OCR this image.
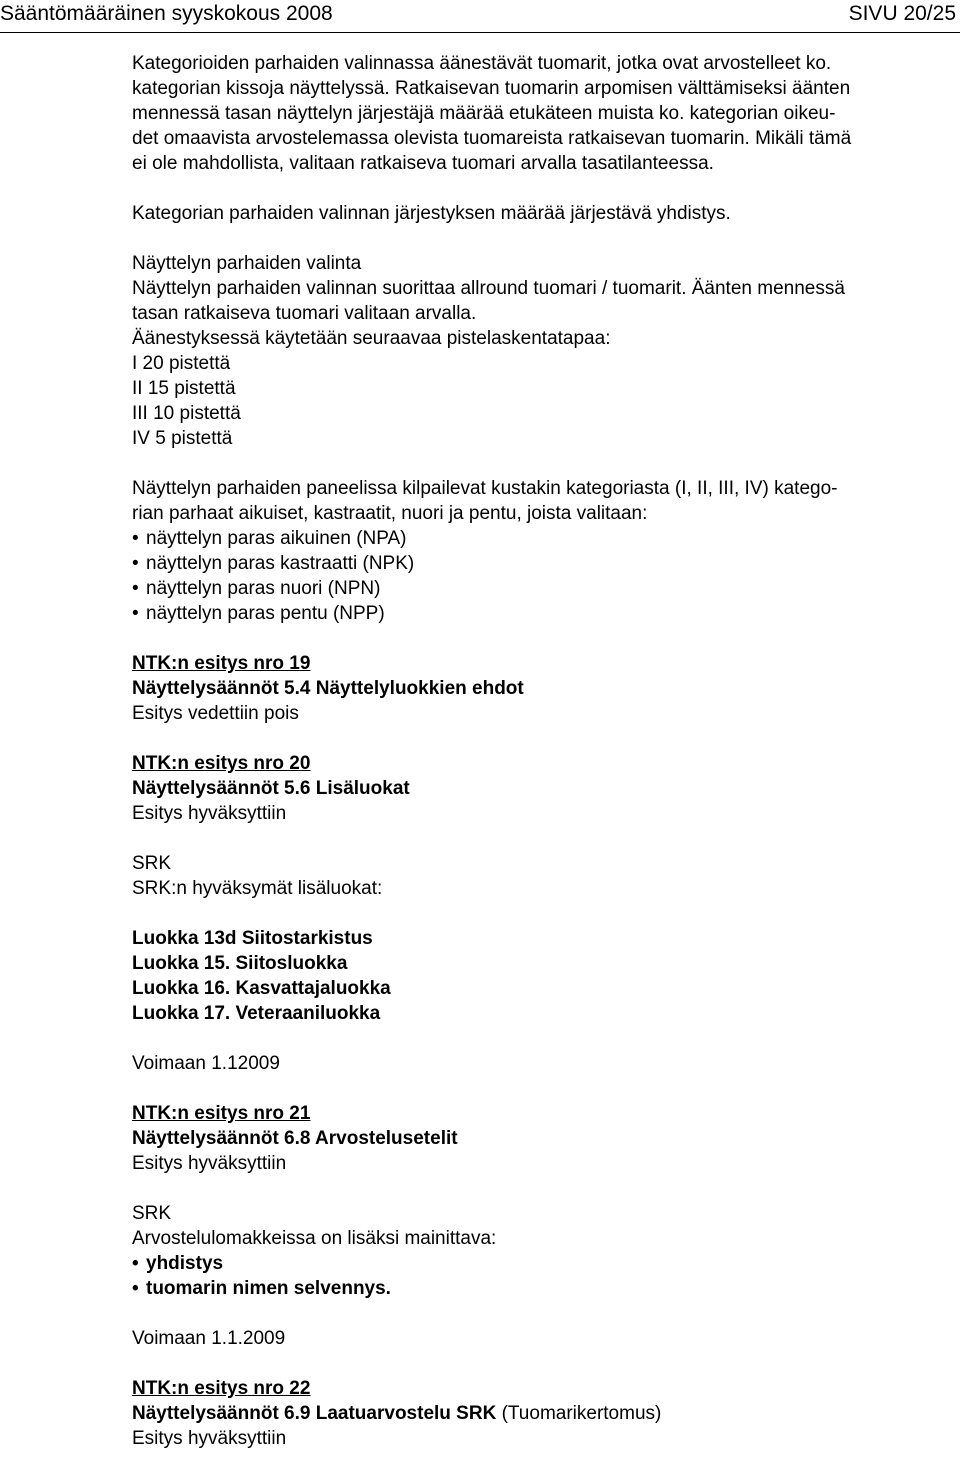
Sääntömääräinen syyskokous 2008	SIVU 20/25

Kategorioiden parhaiden valinnassa äänestävät tuomarit, jotka ovat arvostelleet ko.

kategorian kissoja näyttelyssä. Ratkaisevan tuomarin arpomisen välttämiseksi äänten

mennessä tasan näyttelyn järjestäjä määrää etukäteen muista ko. kategorian oikeu-

det omaavista arvostelemassa olevista tuomareista ratkaisevan tuomarin. Mikäli tämä

ei ole mahdollista, valitaan ratkaiseva tuomari arvalla tasatilanteessa.

Kategorian parhaiden valinnan järjestyksen määrää järjestävä yhdistys.

Näyttelyn parhaiden valinta

Näyttelyn parhaiden valinnan suorittaa allround tuomari / tuomarit. Äänten mennessä

tasan ratkaiseva tuomari valitaan arvalla.

Äänestyksessä käytetään seuraavaa pistelaskentatapaa:

I 20 pistettä

II 15 pistettä

III 10 pistettä

IV 5 pistettä

Näyttelyn parhaiden paneelissa kilpailevat kustakin kategoriasta (I, II, III, IV) katego-

rian parhaat aikuiset, kastraatit, nuori ja pentu, joista valitaan:

• näyttelyn paras aikuinen (NPA)
• näyttelyn paras kastraatti (NPK)
• näyttelyn paras nuori (NPN)
• näyttelyn paras pentu (NPP)

NTK:n esitys nro 19

Näyttelysäännöt 5.4 Näyttelyluokkien ehdot

Esitys vedettiin pois

NTK:n esitys nro 20

Näyttelysäännöt 5.6 Lisäluokat

Esitys hyväksyttiin

SRK

SRK:n hyväksymät lisäluokat:

Luokka 13d Siitostarkistus

Luokka 15. Siitosluokka

Luokka 16. Kasvattajaluokka

Luokka 17. Veteraaniluokka

Voimaan 1.12009

NTK:n esitys nro 21

Näyttelysäännöt 6.8 Arvostelusetelit

Esitys hyväksyttiin

SRK

Arvostelulomakkeissa on lisäksi mainittava:

• yhdistys
• tuomarin nimen selvennys.

Voimaan 1.1.2009

NTK:n esitys nro 22

Näyttelysäännöt 6.9 Laatuarvostelu SRK (Tuomarikertomus)

Esitys hyväksyttiin
